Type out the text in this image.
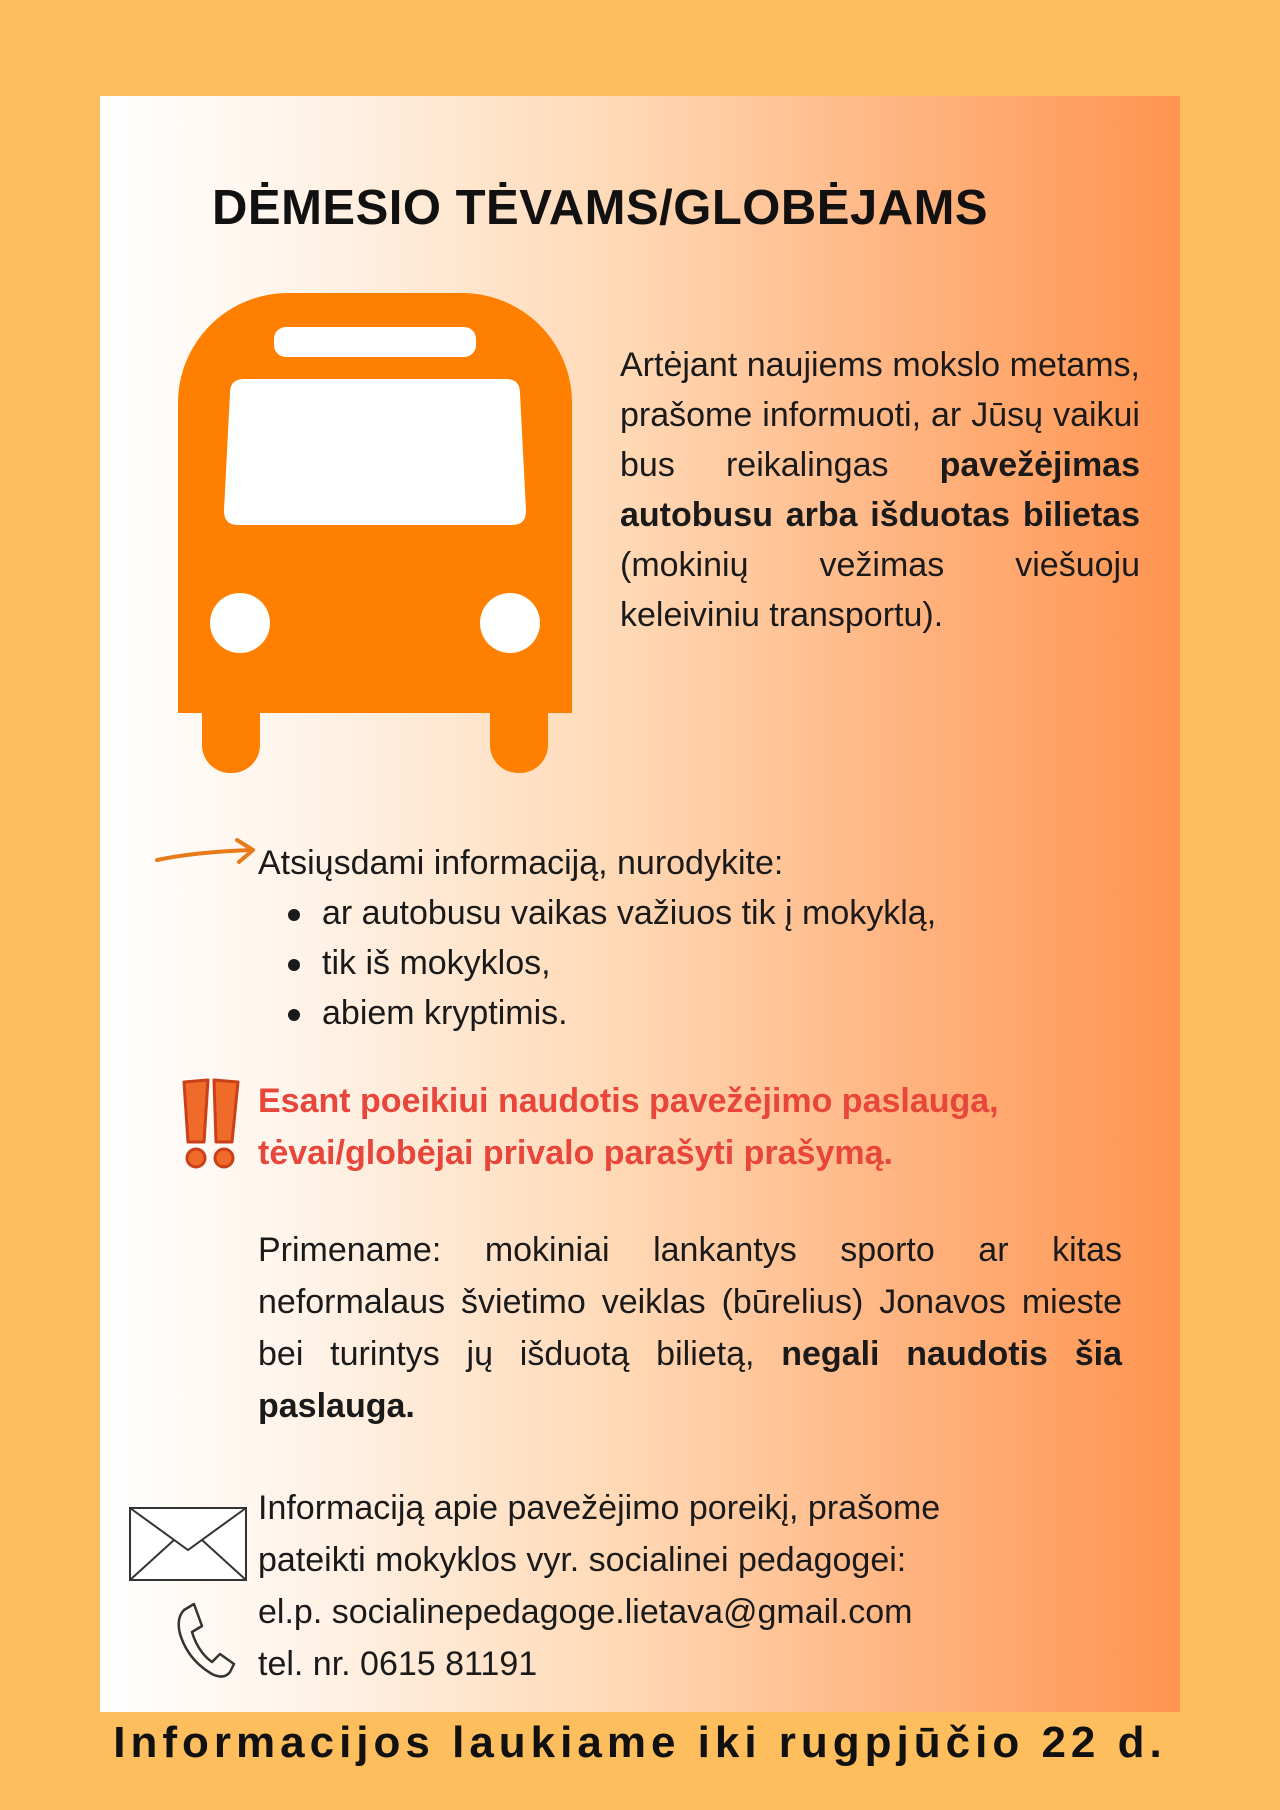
DĖMESIO TĖVAMS/GLOBĖJAMS
Artėjant naujiems mokslo metams, prašome informuoti, ar Jūsų vaikui bus reikalingas pavežėjimas autobusu arba išduotas bilietas (mokinių vežimas viešuoju keleiviniu transportu).
Atsiųsdami informaciją, nurodykite:
ar autobusu vaikas važiuos tik į mokyklą,
tik iš mokyklos,
abiem kryptimis.
Esant poeikiui naudotis pavežėjimo paslauga, tėvai/globėjai privalo parašyti prašymą.
Primename: mokiniai lankantys sporto ar kitas neformalaus švietimo veiklas (būrelius) Jonavos mieste bei turintys jų išduotą bilietą, negali naudotis šia paslauga.
Informaciją apie pavežėjimo poreikį, prašome
pateikti mokyklos vyr. socialinei pedagogei:
el.p. socialinepedagoge.lietava@gmail.com
tel. nr. 0615 81191
Informacijos laukiame iki rugpjūčio 22 d.
